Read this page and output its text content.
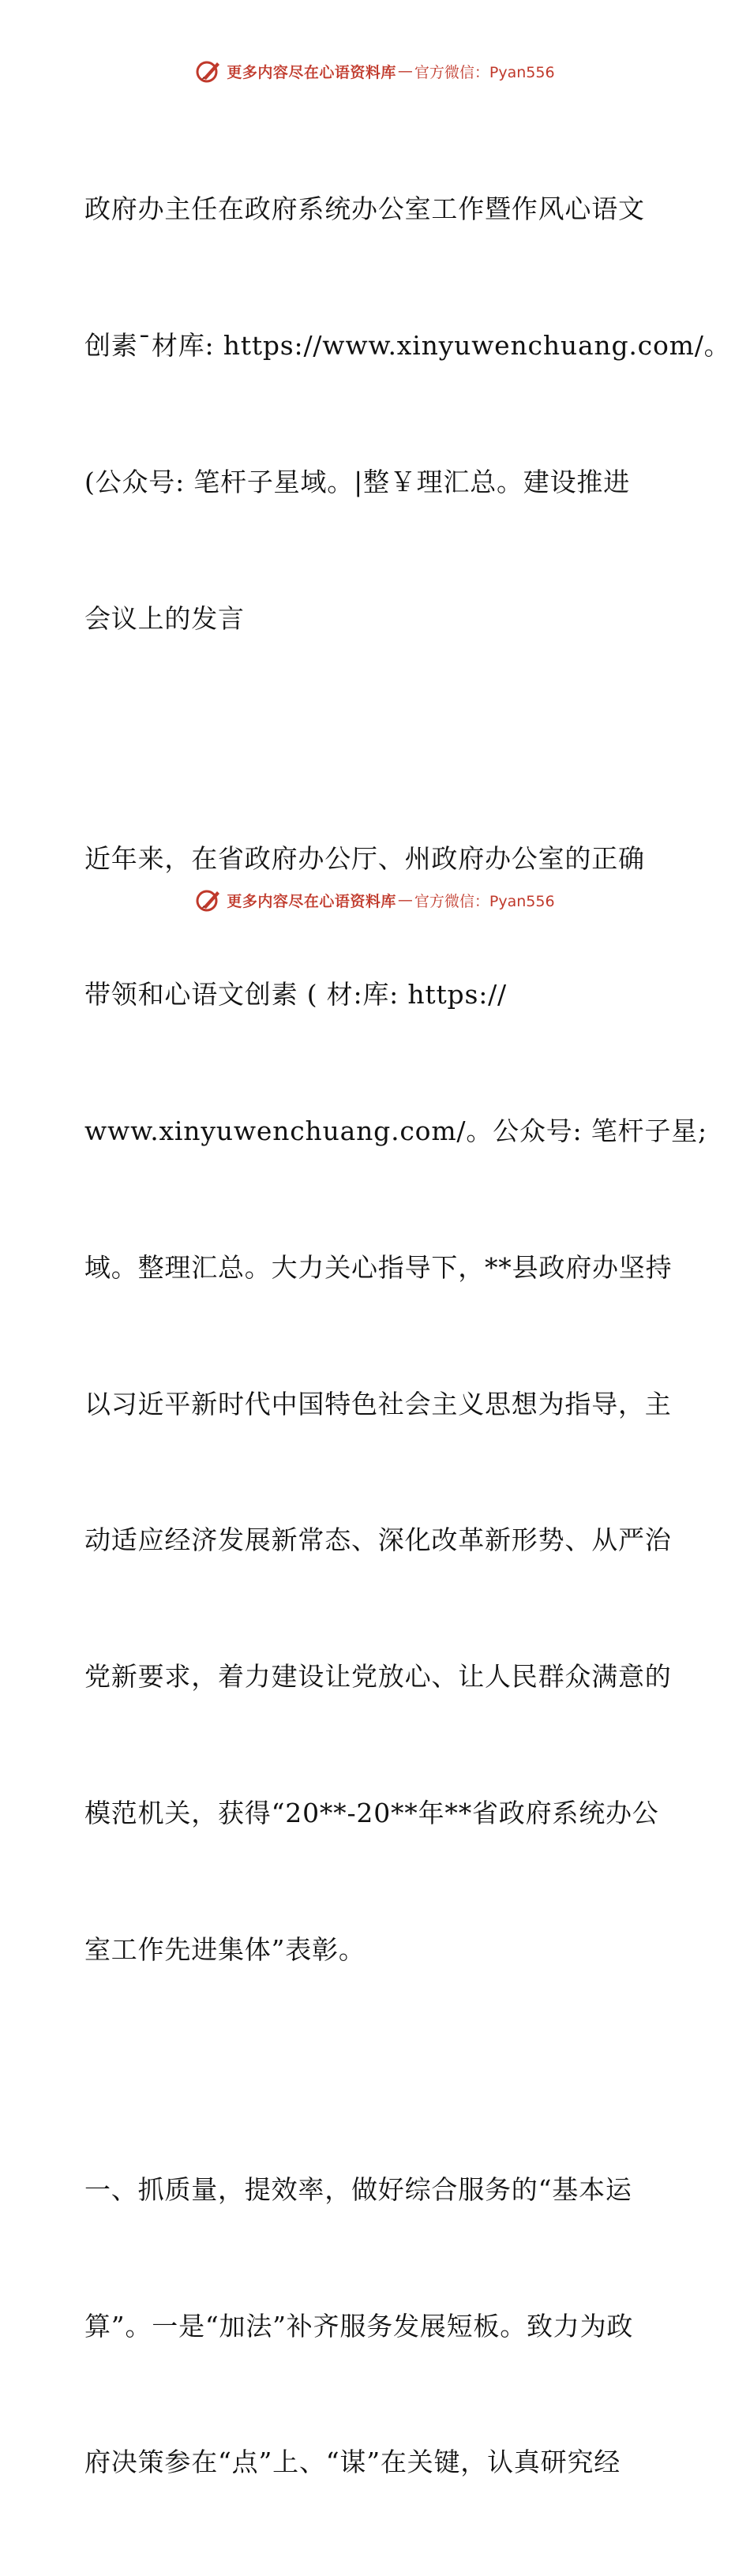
更多内容尽在心语资料库 — 官方微信：Pyan556

政府办主任在政府系统办公室工作暨作风心语文

创素¯材库: https://www.xinyuwenchuang.com/。

(公众号: 笔杆子星域。|整￥理汇总。建设推进

会议上的发言

近年来，在省政府办公厅、州政府办公室的正确

带领和心语文创素 ( 材:库: https://

www.xinyuwenchuang.com/。公众号: 笔杆子星;

域。整理汇总。大力关心指导下，**县政府办坚持

以习近平新时代中国特色社会主义思想为指导，主

动适应经济发展新常态、深化改革新形势、从严治

党新要求，着力建设让党放心、让人民群众满意的

模范机关，获得“20**-20**年**省政府系统办公

室工作先进集体”表彰。

一、抓质量，提效率，做好综合服务的“基本运

算”。一是“加法”补齐服务发展短板。致力为政

府决策参在“点”上、“谋”在关键，认真研究经

更多内容尽在心语资料库 — 官方微信：Pyan556
